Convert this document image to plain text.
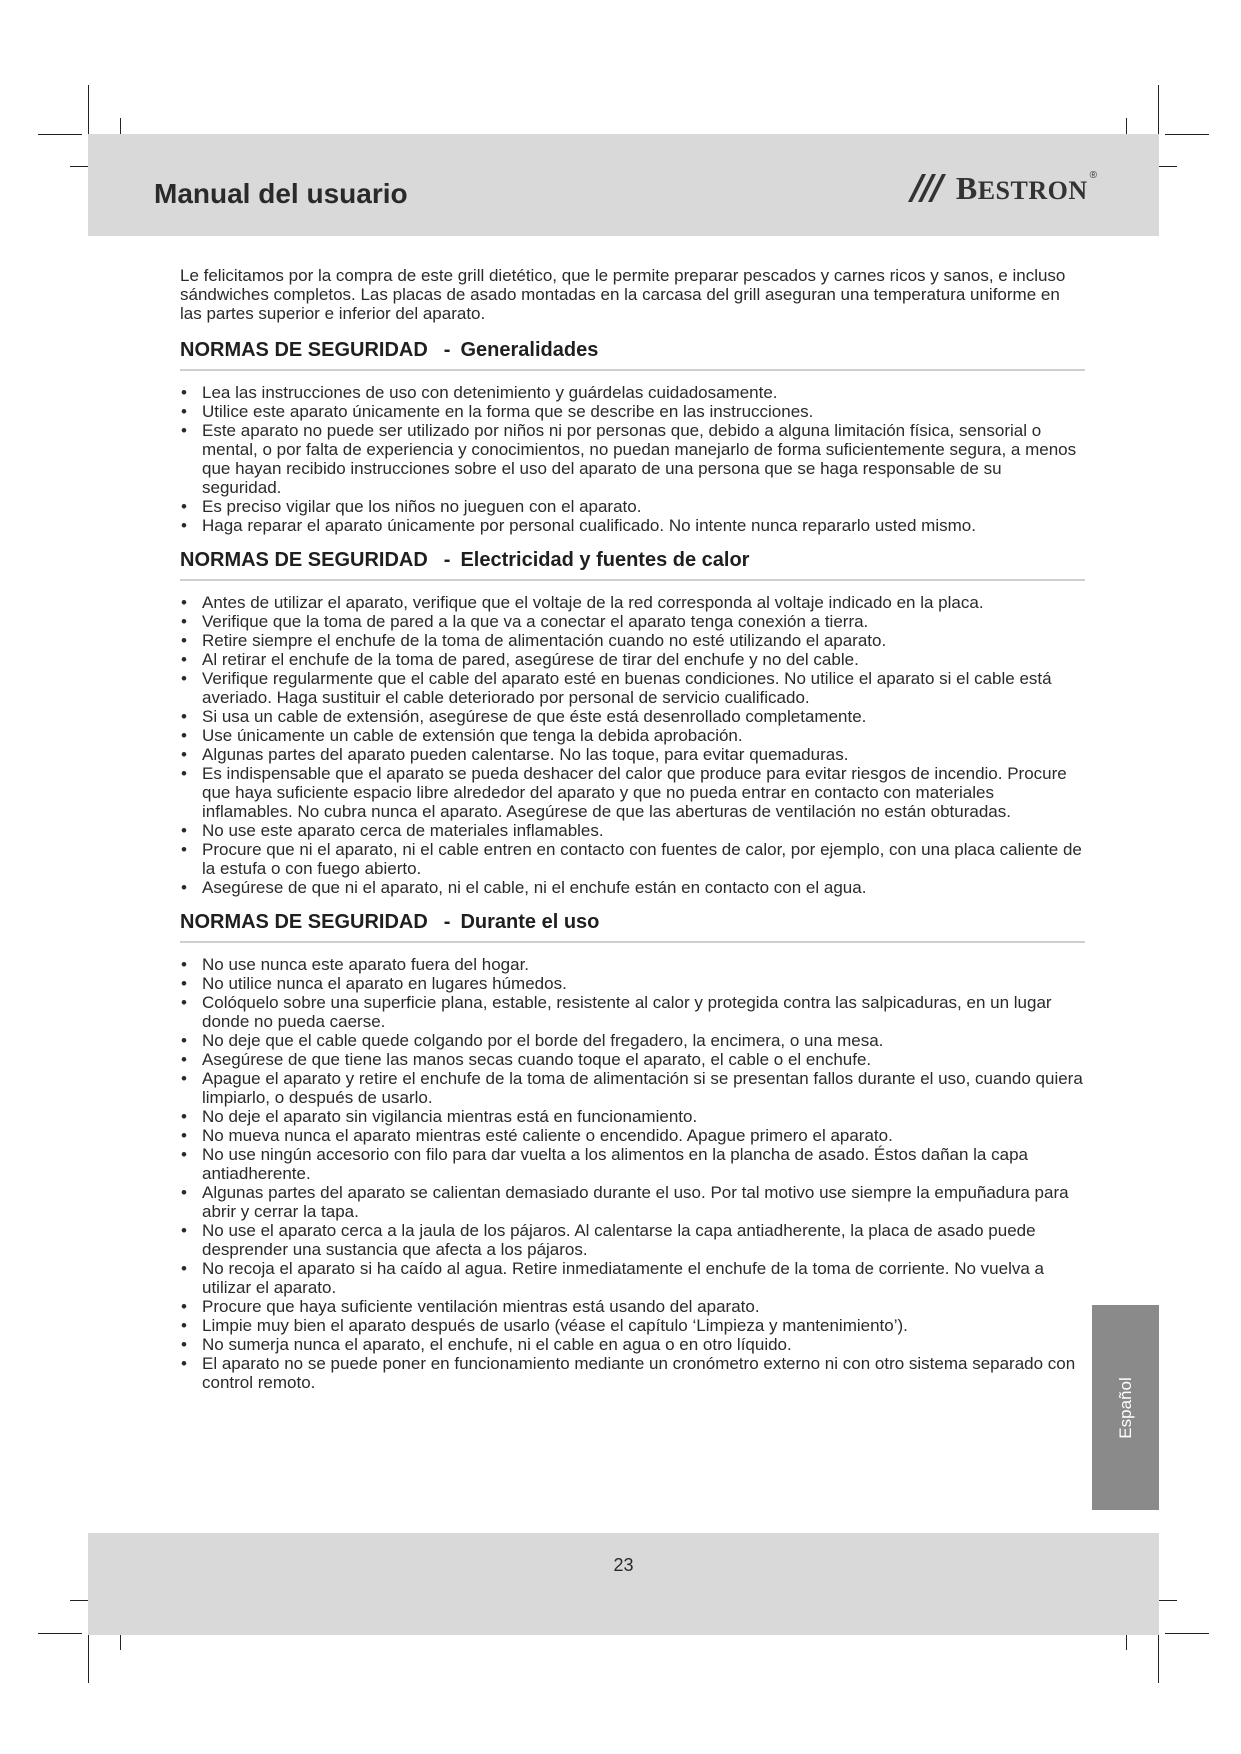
Manual del usuario	BESTRON
®

Le felicitamos por la compra de este grill dietético, que le permite preparar pescados y carnes ricos y sanos, e incluso sándwiches completos. Las placas de asado montadas en la carcasa del grill aseguran una temperatura uniforme en las partes superior e inferior del aparato.

NORMAS DE SEGURIDAD - Generalidades
• Lea las instrucciones de uso con detenimiento y guárdelas cuidadosamente.
• Utilice este aparato únicamente en la forma que se describe en las instrucciones.
• Este aparato no puede ser utilizado por niños ni por personas que, debido a alguna limitación física, sensorial o mental, o por falta de experiencia y conocimientos, no puedan manejarlo de forma suficientemente segura, a menos que hayan recibido instrucciones sobre el uso del aparato de una persona que se haga responsable de su seguridad.
• Es preciso vigilar que los niños no jueguen con el aparato.
• Haga reparar el aparato únicamente por personal cualificado. No intente nunca repararlo usted mismo.
NORMAS DE SEGURIDAD - Electricidad y fuentes de calor
• Antes de utilizar el aparato, verifique que el voltaje de la red corresponda al voltaje indicado en la placa.
• Verifique que la toma de pared a la que va a conectar el aparato tenga conexión a tierra.
• Retire siempre el enchufe de la toma de alimentación cuando no esté utilizando el aparato.
• Al retirar el enchufe de la toma de pared, asegúrese de tirar del enchufe y no del cable.
• Verifique regularmente que el cable del aparato esté en buenas condiciones. No utilice el aparato si el cable está averiado. Haga sustituir el cable deteriorado por personal de servicio cualificado.
• Si usa un cable de extensión, asegúrese de que éste está desenrollado completamente.
• Use únicamente un cable de extensión que tenga la debida aprobación.
• Algunas partes del aparato pueden calentarse. No las toque, para evitar quemaduras.
• Es indispensable que el aparato se pueda deshacer del calor que produce para evitar riesgos de incendio. Procure que haya suficiente espacio libre alrededor del aparato y que no pueda entrar en contacto con materiales inflamables. No cubra nunca el aparato. Asegúrese de que las aberturas de ventilación no están obturadas.
• No use este aparato cerca de materiales inflamables.
• Procure que ni el aparato, ni el cable entren en contacto con fuentes de calor, por ejemplo, con una placa caliente de la estufa o con fuego abierto.
• Asegúrese de que ni el aparato, ni el cable, ni el enchufe están en contacto con el agua.
NORMAS DE SEGURIDAD - Durante el uso
• No use nunca este aparato fuera del hogar.
• No utilice nunca el aparato en lugares húmedos.
• Colóquelo sobre una superficie plana, estable, resistente al calor y protegida contra las salpicaduras, en un lugar donde no pueda caerse.
• No deje que el cable quede colgando por el borde del fregadero, la encimera, o una mesa.
• Asegúrese de que tiene las manos secas cuando toque el aparato, el cable o el enchufe.
• Apague el aparato y retire el enchufe de la toma de alimentación si se presentan fallos durante el uso, cuando quiera limpiarlo, o después de usarlo.
• No deje el aparato sin vigilancia mientras está en funcionamiento.
• No mueva nunca el aparato mientras esté caliente o encendido. Apague primero el aparato.
• No use ningún accesorio con filo para dar vuelta a los alimentos en la plancha de asado. Éstos dañan la capa antiadherente.
• Algunas partes del aparato se calientan demasiado durante el uso. Por tal motivo use siempre la empuñadura para abrir y cerrar la tapa.
• No use el aparato cerca a la jaula de los pájaros. Al calentarse la capa antiadherente, la placa de asado puede desprender una sustancia que afecta a los pájaros.
• No recoja el aparato si ha caído al agua. Retire inmediatamente el enchufe de la toma de corriente. No vuelva a utilizar el aparato.
• Procure que haya suficiente ventilación mientras está usando del aparato.
• Limpie muy bien el aparato después de usarlo (véase el capítulo ‘Limpieza y mantenimiento’).
• No sumerja nunca el aparato, el enchufe, ni el cable en agua o en otro líquido.
• El aparato no se puede poner en funcionamiento mediante un cronómetro externo ni con otro sistema separado con control remoto.	Español
23
